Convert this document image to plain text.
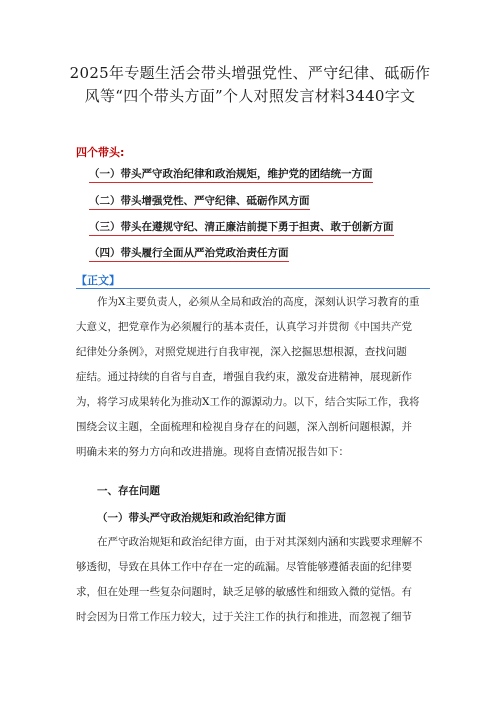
2025年专题生活会带头增强党性、严守纪律、砥砺作
风等“四个带头方面”个人对照发言材料3440字文
四个带头:
（一）带头严守政治纪律和政治规矩，维护党的团结统一方面
（二）带头增强党性、严守纪律、砥砺作风方面
（三）带头在遵规守纪、清正廉洁前提下勇于担责、敢于创新方面
（四）带头履行全面从严治党政治责任方面
【正文】
作为X主要负责人，必须从全局和政治的高度，深刻认识学习教育的重
大意义，把党章作为必须履行的基本责任，认真学习并贯彻《中国共产党
纪律处分条例》，对照党规进行自我审视，深入挖掘思想根源，查找问题
症结。通过持续的自省与自查，增强自我约束，激发奋进精神，展现新作
为，将学习成果转化为推动X工作的源源动力。以下，结合实际工作，我将
围绕会议主题，全面梳理和检视自身存在的问题，深入剖析问题根源，并
明确未来的努力方向和改进措施。现将自查情况报告如下：
一、存在问题
（一）带头严守政治规矩和政治纪律方面
在严守政治规矩和政治纪律方面，由于对其深刻内涵和实践要求理解不
够透彻，导致在具体工作中存在一定的疏漏。尽管能够遵循表面的纪律要
求，但在处理一些复杂问题时，缺乏足够的敏感性和细致入微的觉悟。有
时会因为日常工作压力较大，过于关注工作的执行和推进，而忽视了细节
